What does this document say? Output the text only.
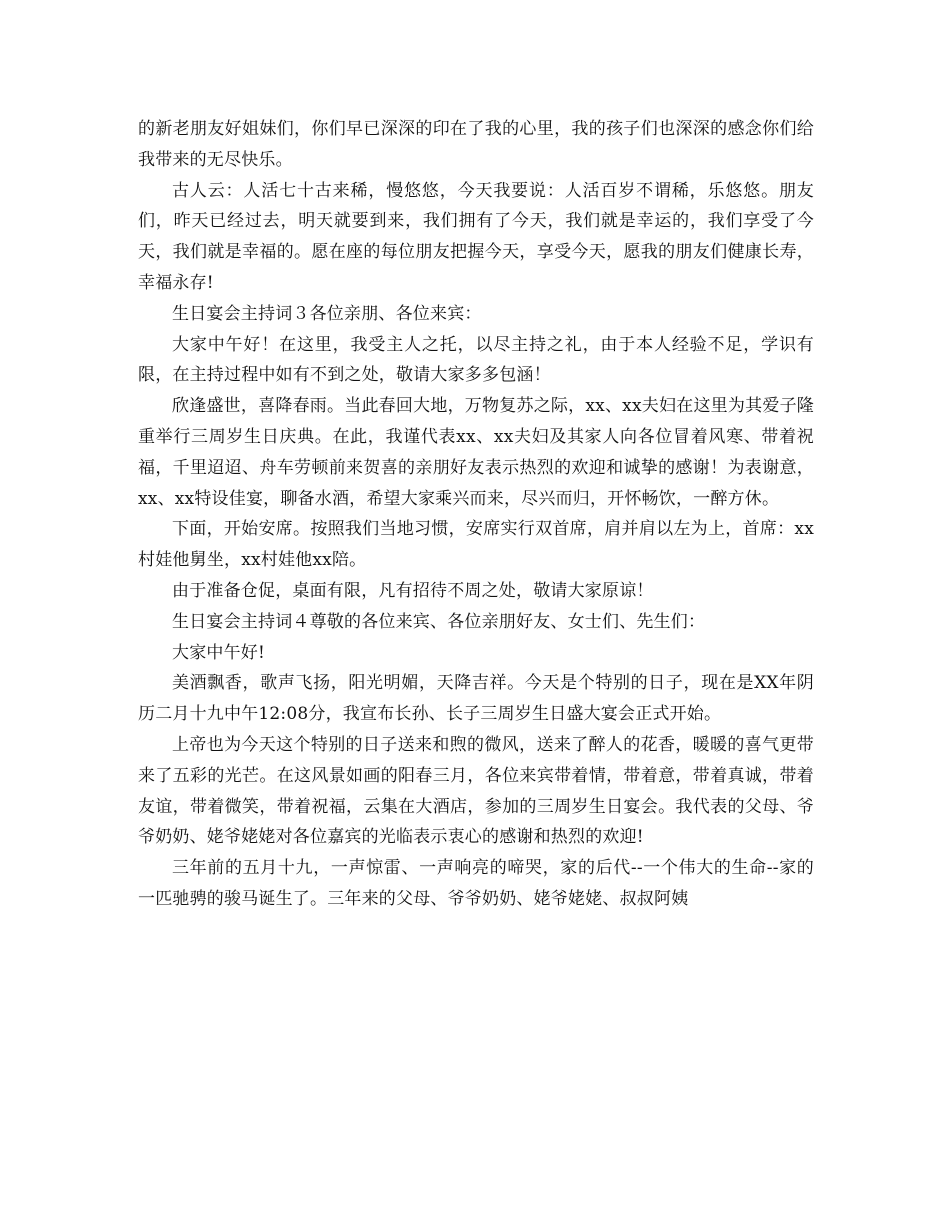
的新老朋友好姐妹们，你们早已深深的印在了我的心里，我的孩子们也深深的感念你们给我带来的无尽快乐。

古人云：人活七十古来稀，慢悠悠，今天我要说：人活百岁不谓稀，乐悠悠。朋友们，昨天已经过去，明天就要到来，我们拥有了今天，我们就是幸运的，我们享受了今天，我们就是幸福的。愿在座的每位朋友把握今天，享受今天，愿我的朋友们健康长寿，幸福永存!

生日宴会主持词３各位亲朋、各位来宾：

大家中午好！在这里，我受主人之托，以尽主持之礼，由于本人经验不足，学识有限，在主持过程中如有不到之处，敬请大家多多包涵！

欣逢盛世，喜降春雨。当此春回大地，万物复苏之际，xx、xx夫妇在这里为其爱子隆重举行三周岁生日庆典。在此，我谨代表xx、xx夫妇及其家人向各位冒着风寒、带着祝福，千里迢迢、舟车劳顿前来贺喜的亲朋好友表示热烈的欢迎和诚挚的感谢！为表谢意，xx、xx特设佳宴，聊备水酒，希望大家乘兴而来，尽兴而归，开怀畅饮，一醉方休。

下面，开始安席。按照我们当地习惯，安席实行双首席，肩并肩以左为上，首席：xx村娃他舅坐，xx村娃他xx陪。

由于准备仓促，桌面有限，凡有招待不周之处，敬请大家原谅！

生日宴会主持词４尊敬的各位来宾、各位亲朋好友、女士们、先生们：

大家中午好!

美酒飘香，歌声飞扬，阳光明媚，天降吉祥。今天是个特别的日子，现在是XX年阴历二月十九中午12:08分，我宣布长孙、长子三周岁生日盛大宴会正式开始。

上帝也为今天这个特别的日子送来和煦的微风，送来了醉人的花香，暖暖的喜气更带来了五彩的光芒。在这风景如画的阳春三月，各位来宾带着情，带着意，带着真诚，带着友谊，带着微笑，带着祝福，云集在大酒店，参加的三周岁生日宴会。我代表的父母、爷爷奶奶、姥爷姥姥对各位嘉宾的光临表示衷心的感谢和热烈的欢迎!

三年前的五月十九，一声惊雷、一声响亮的啼哭，家的后代--一个伟大的生命--家的一匹驰骋的骏马诞生了。三年来的父母、爷爷奶奶、姥爷姥姥、叔叔阿姨
